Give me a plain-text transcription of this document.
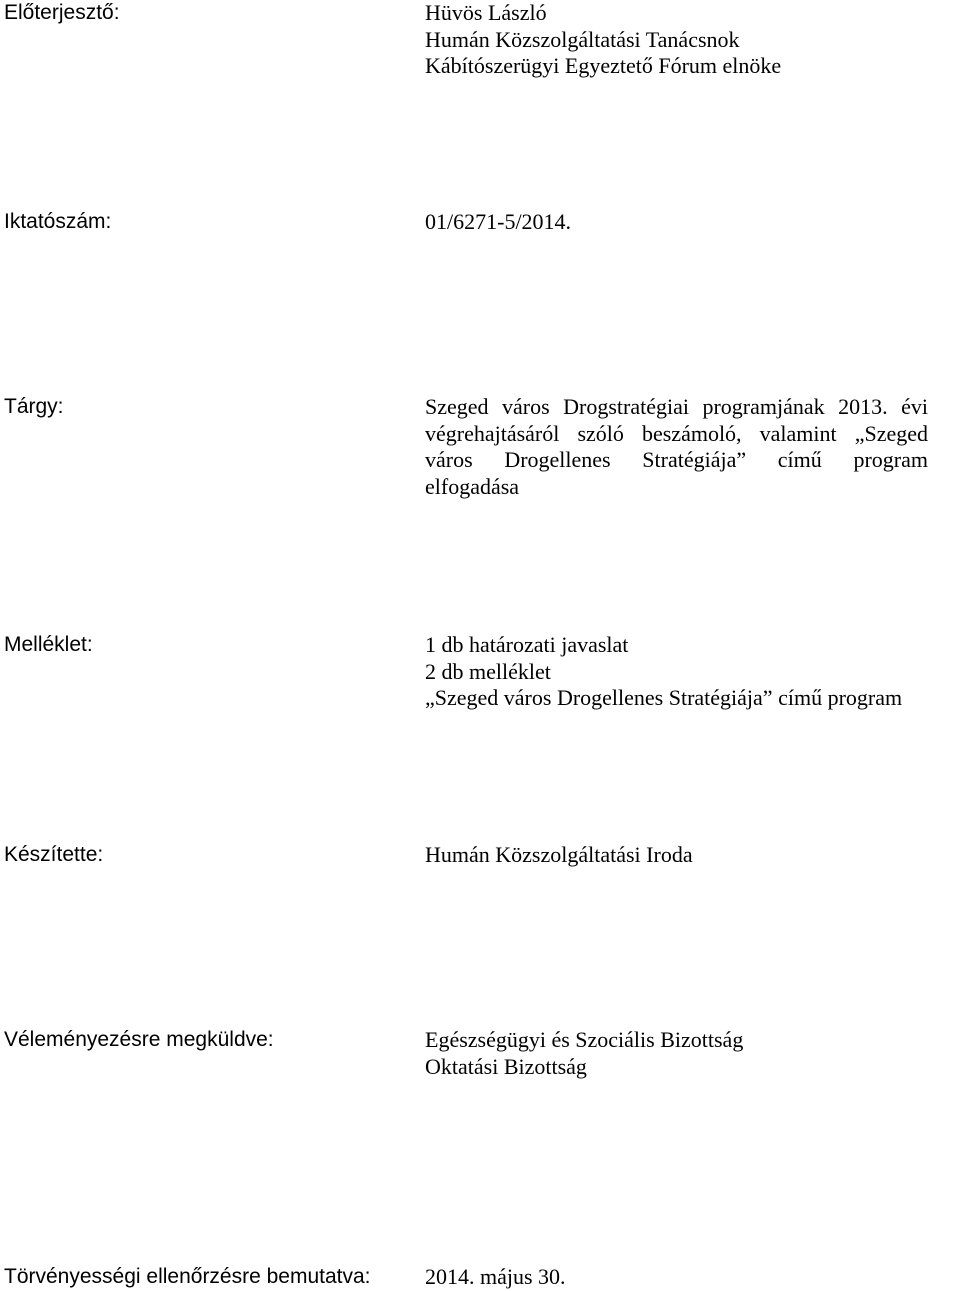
Előterjesztő:	Hüvös László
Humán Közszolgáltatási Tanácsnok
Kábítószerügyi Egyeztető Fórum elnöke
Iktatószám:	01/6271-5/2014.
Tárgy:	Szeged város Drogstratégiai programjának 2013. évi
végrehajtásáról szóló beszámoló, valamint „Szeged
város Drogellenes Stratégiája” című program
elfogadása
Melléklet:	1 db határozati javaslat
2 db melléklet
„Szeged város Drogellenes Stratégiája” című program
Készítette:	Humán Közszolgáltatási Iroda
Véleményezésre megküldve:	Egészségügyi és Szociális Bizottság
Oktatási Bizottság
Törvényességi ellenőrzésre bemutatva: 2014. május 30.
